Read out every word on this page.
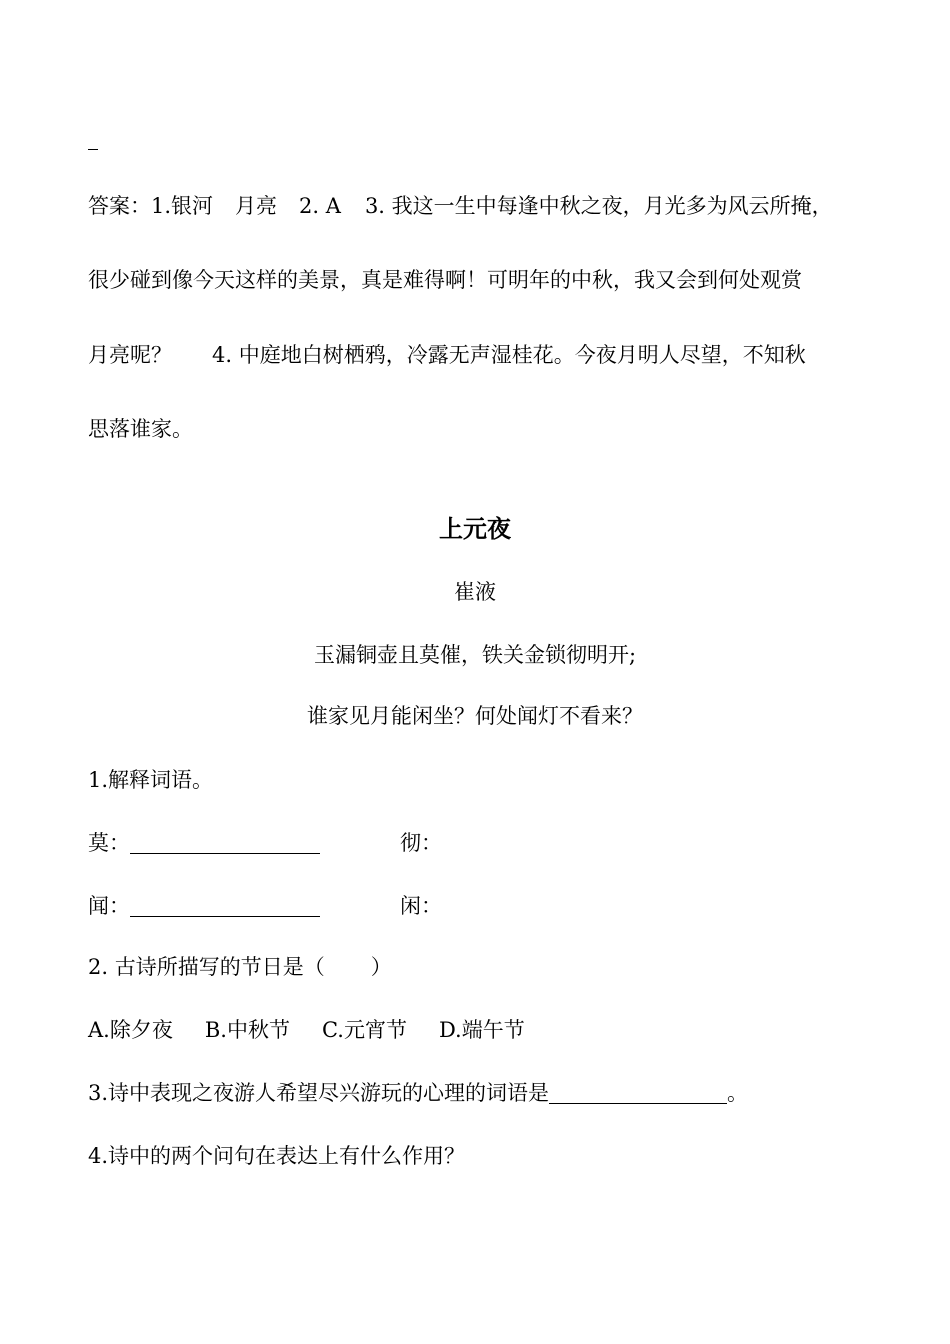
答案：1.银河 月亮 2. A 3. 我这一生中每逢中秋之夜，月光多为风云所掩，
很少碰到像今天这样的美景，真是难得啊！可明年的中秋，我又会到何处观赏
月亮呢？ 4. 中庭地白树栖鸦，冷露无声湿桂花。今夜月明人尽望，不知秋
思落谁家。
上元夜
崔液
玉漏铜壶且莫催，铁关金锁彻明开;
谁家见月能闲坐？何处闻灯不看来？
1.解释词语。
莫：	彻：
闻：	闲：
2. 古诗所描写的节日是（ ）
A.除夕夜 B.中秋节 C.元宵节 D.端午节
3.诗中表现之夜游人希望尽兴游玩的心理的词语是	。
4.诗中的两个问句在表达上有什么作用？
